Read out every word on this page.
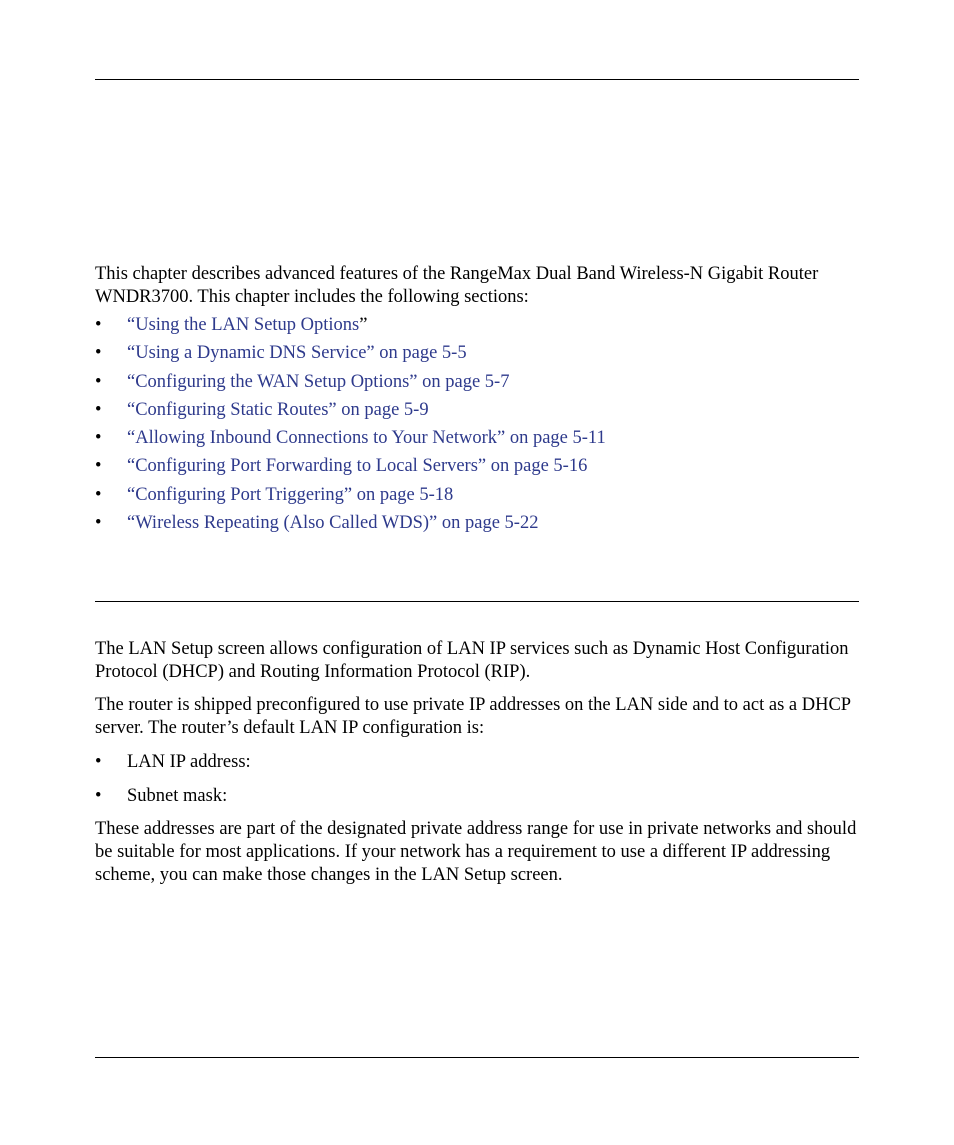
This chapter describes advanced features of the RangeMax Dual Band Wireless-N Gigabit Router WNDR3700. This chapter includes the following sections:

• “Using the LAN Setup Options”
• “Using a Dynamic DNS Service” on page 5-5
• “Configuring the WAN Setup Options” on page 5-7
• “Configuring Static Routes” on page 5-9
• “Allowing Inbound Connections to Your Network” on page 5-11
• “Configuring Port Forwarding to Local Servers” on page 5-16
• “Configuring Port Triggering” on page 5-18
• “Wireless Repeating (Also Called WDS)” on page 5-22

The LAN Setup screen allows configuration of LAN IP services such as Dynamic Host Configuration Protocol (DHCP) and Routing Information Protocol (RIP).

The router is shipped preconfigured to use private IP addresses on the LAN side and to act as a DHCP server. The router’s default LAN IP configuration is:

• LAN IP address:
• Subnet mask:

These addresses are part of the designated private address range for use in private networks and should be suitable for most applications. If your network has a requirement to use a different IP addressing scheme, you can make those changes in the LAN Setup screen.
